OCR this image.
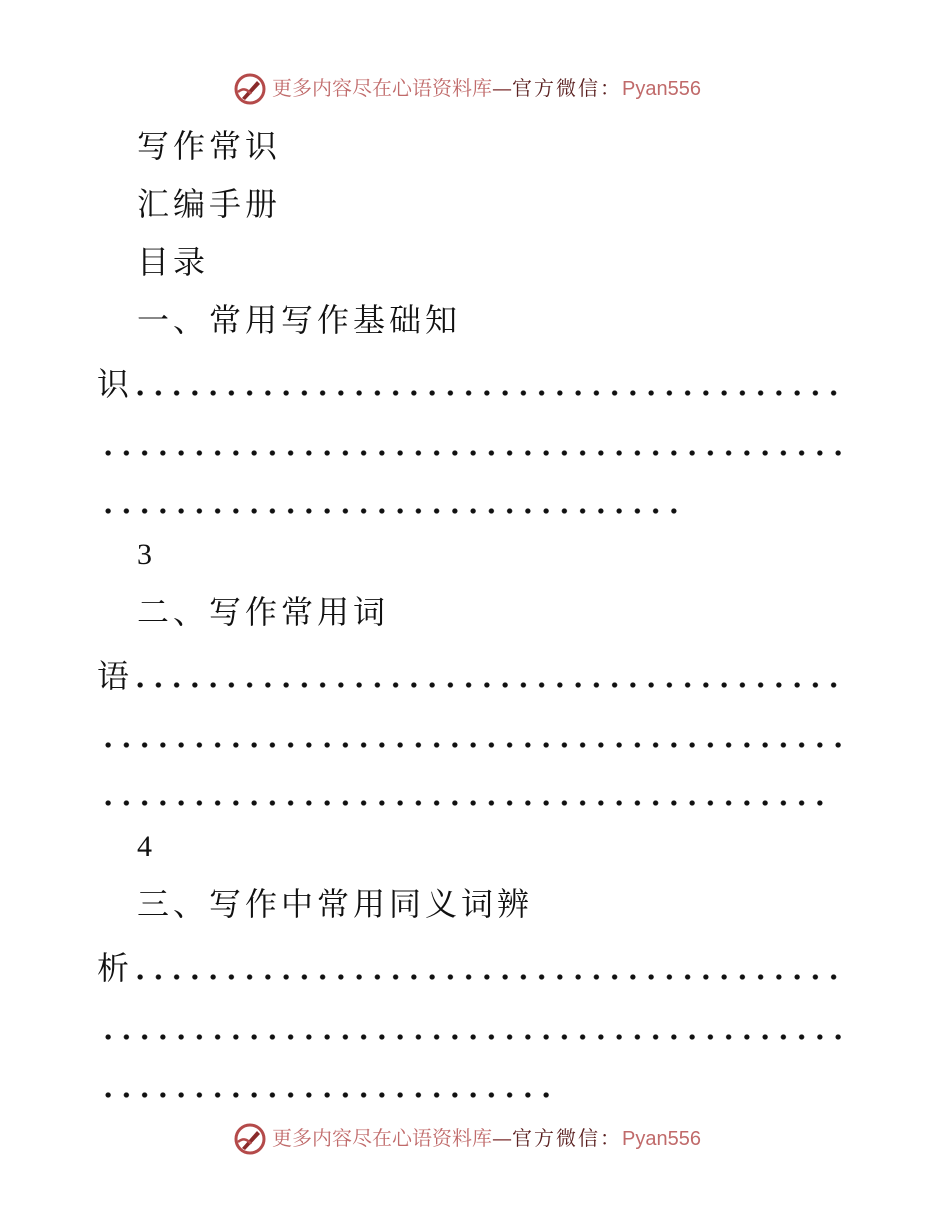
更多内容尽在心语资料库—官方微信：Pyan556
写作常识
汇编手册
目录
一、常用写作基础知
识
3
二、写作常用词
语
4
三、写作中常用同义词辨
析
更多内容尽在心语资料库—官方微信：Pyan556
